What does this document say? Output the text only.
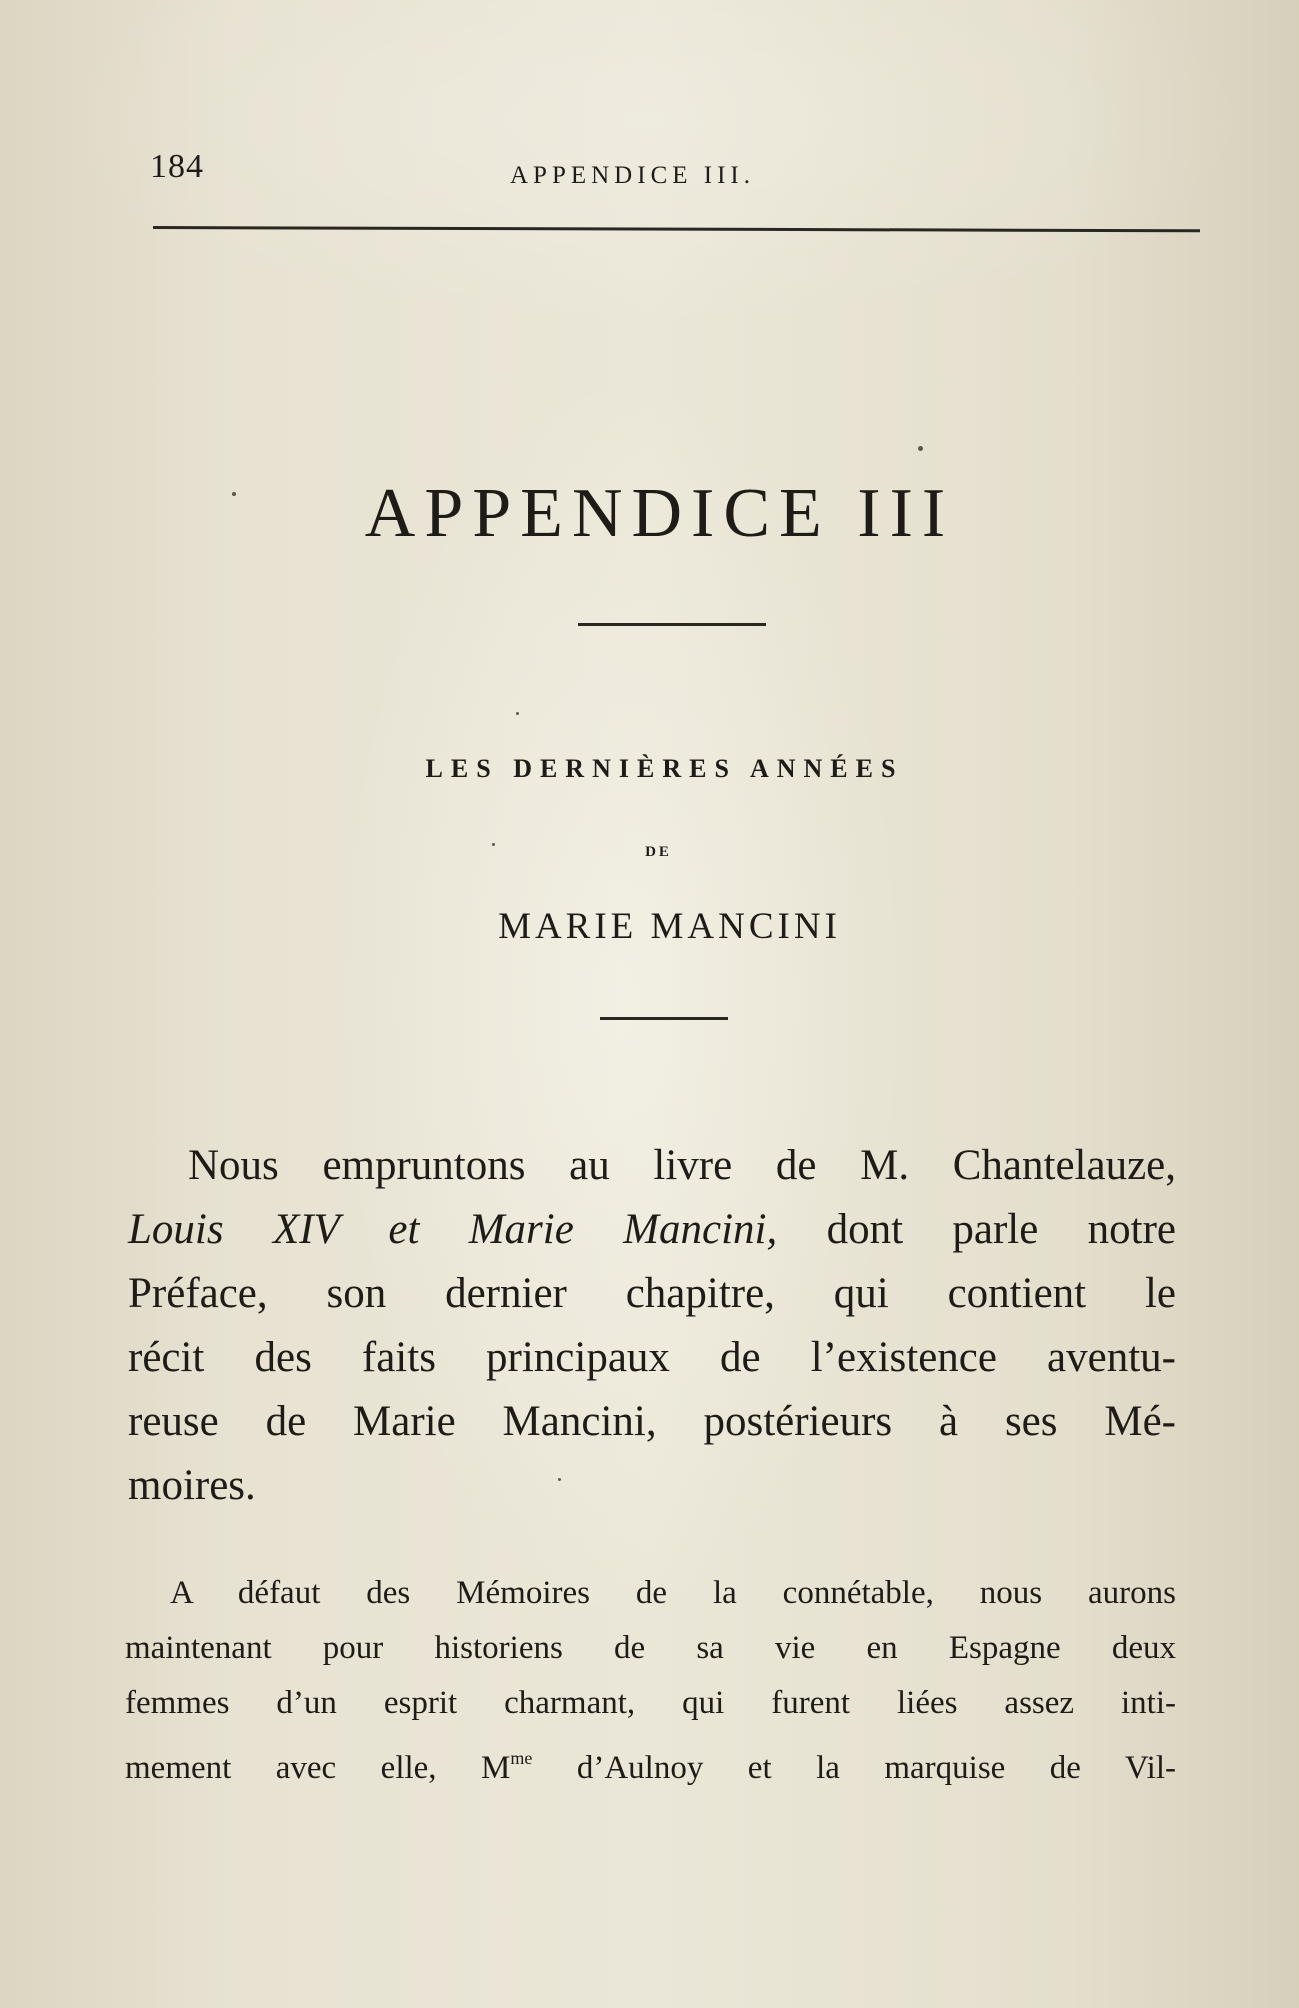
184	APPENDICE III.
APPENDICE III
LES DERNIÈRES ANNÉES
DE
MARIE MANCINI

Nous empruntons au livre de M. Chantelauze,
Louis XIV et Marie Mancini, dont parle notre
Préface, son dernier chapitre, qui contient le
récit des faits principaux de l’existence aventu-
reuse de Marie Mancini, postérieurs à ses Mé-
moires.

A défaut des Mémoires de la connétable, nous aurons
maintenant pour historiens de sa vie en Espagne deux
femmes d’un esprit charmant, qui furent liées assez inti-
mement avec elle, $M^{me}$ d’Aulnoy et la marquise de Vil-
